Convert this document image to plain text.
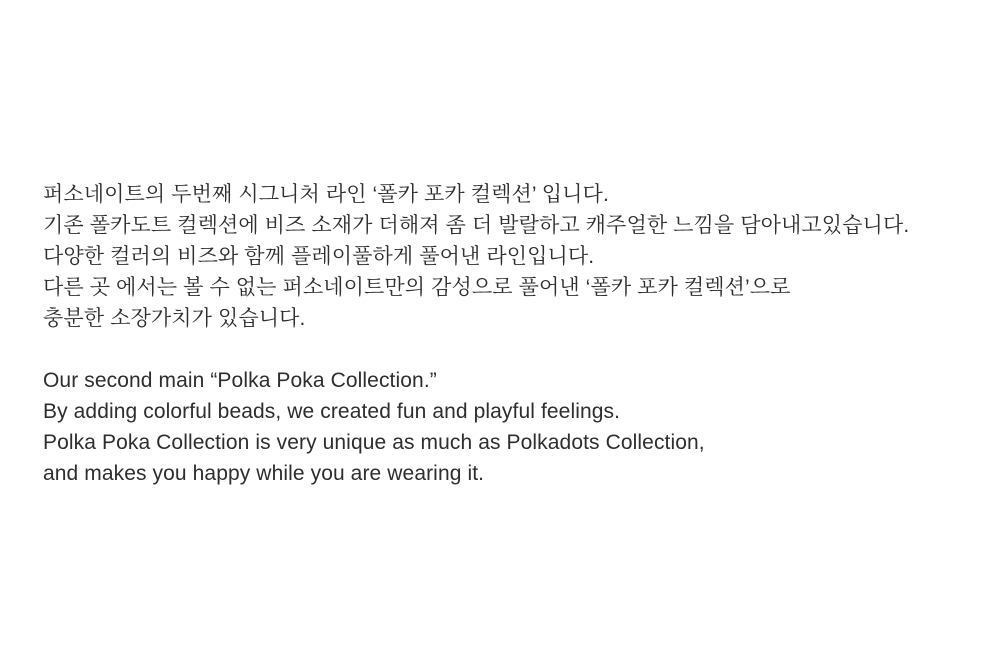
퍼소네이트의 두번째 시그니처 라인 ‘폴카 포카 컬렉션’ 입니다.
기존 폴카도트 컬렉션에 비즈 소재가 더해져 좀 더 발랄하고 캐주얼한 느낌을 담아내고있습니다.
다양한 컬러의 비즈와 함께 플레이풀하게 풀어낸 라인입니다.
다른 곳 에서는 볼 수 없는 퍼소네이트만의 감성으로 풀어낸 ‘폴카 포카 컬렉션’으로
충분한 소장가치가 있습니다.
Our second main “Polka Poka Collection.”
By adding colorful beads, we created fun and playful feelings.
Polka Poka Collection is very unique as much as Polkadots Collection,
and makes you happy while you are wearing it.
